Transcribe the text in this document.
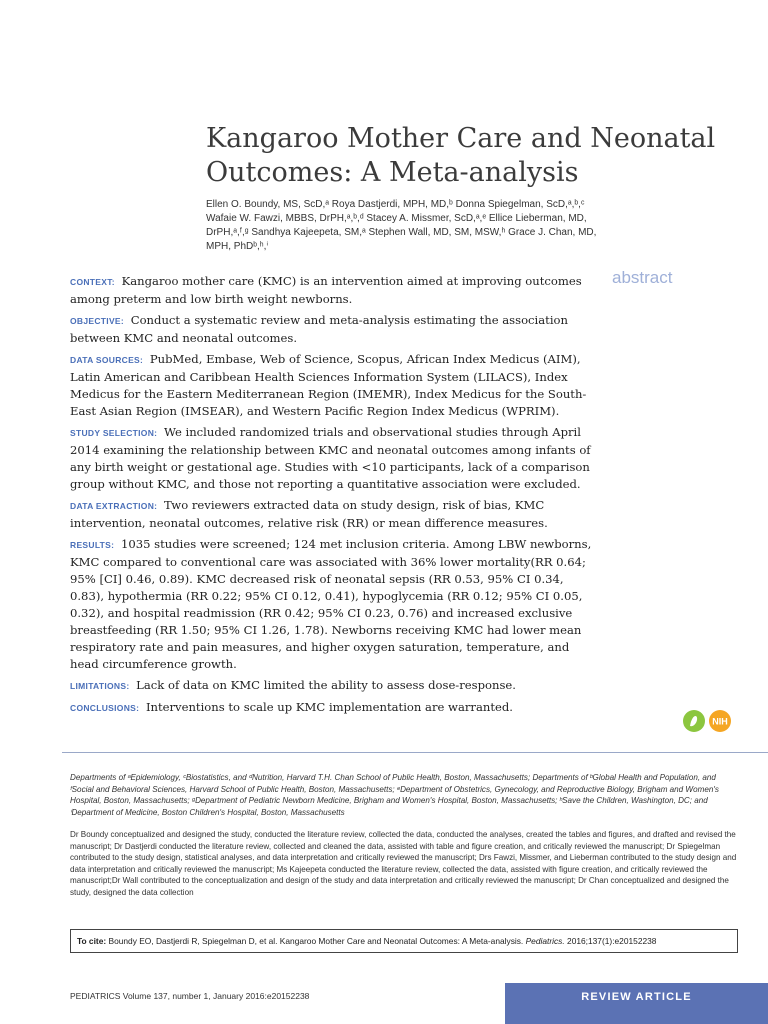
Kangaroo Mother Care and Neonatal Outcomes: A Meta-analysis
Ellen O. Boundy, MS, ScD,ᵃ Roya Dastjerdi, MPH, MD,ᵇ Donna Spiegelman, ScD,ᵃ,ᵇ,ᶜ Wafaie W. Fawzi, MBBS, DrPH,ᵃ,ᵇ,ᵈ Stacey A. Missmer, ScD,ᵃ,ᵉ Ellice Lieberman, MD, DrPH,ᵃ,ᶠ,ᵍ Sandhya Kajeepeta, SM,ᵃ Stephen Wall, MD, SM, MSW,ʰ Grace J. Chan, MD, MPH, PhDᵇ,ʰ,ⁱ
abstract
CONTEXT: Kangaroo mother care (KMC) is an intervention aimed at improving outcomes among preterm and low birth weight newborns.
OBJECTIVE: Conduct a systematic review and meta-analysis estimating the association between KMC and neonatal outcomes.
DATA SOURCES: PubMed, Embase, Web of Science, Scopus, African Index Medicus (AIM), Latin American and Caribbean Health Sciences Information System (LILACS), Index Medicus for the Eastern Mediterranean Region (IMEMR), Index Medicus for the South-East Asian Region (IMSEAR), and Western Pacific Region Index Medicus (WPRIM).
STUDY SELECTION: We included randomized trials and observational studies through April 2014 examining the relationship between KMC and neonatal outcomes among infants of any birth weight or gestational age. Studies with <10 participants, lack of a comparison group without KMC, and those not reporting a quantitative association were excluded.
DATA EXTRACTION: Two reviewers extracted data on study design, risk of bias, KMC intervention, neonatal outcomes, relative risk (RR) or mean difference measures.
RESULTS: 1035 studies were screened; 124 met inclusion criteria. Among LBW newborns, KMC compared to conventional care was associated with 36% lower mortality(RR 0.64; 95% [CI] 0.46, 0.89). KMC decreased risk of neonatal sepsis (RR 0.53, 95% CI 0.34, 0.83), hypothermia (RR 0.22; 95% CI 0.12, 0.41), hypoglycemia (RR 0.12; 95% CI 0.05, 0.32), and hospital readmission (RR 0.42; 95% CI 0.23, 0.76) and increased exclusive breastfeeding (RR 1.50; 95% CI 1.26, 1.78). Newborns receiving KMC had lower mean respiratory rate and pain measures, and higher oxygen saturation, temperature, and head circumference growth.
LIMITATIONS: Lack of data on KMC limited the ability to assess dose-response.
CONCLUSIONS: Interventions to scale up KMC implementation are warranted.
NIH
Departments of ᵃEpidemiology, ᶜBiostatistics, and ᵈNutrition, Harvard T.H. Chan School of Public Health, Boston, Massachusetts; Departments of ᵇGlobal Health and Population, and ᶠSocial and Behavioral Sciences, Harvard School of Public Health, Boston, Massachusetts; ᵉDepartment of Obstetrics, Gynecology, and Reproductive Biology, Brigham and Women's Hospital, Boston, Massachusetts; ᵍDepartment of Pediatric Newborn Medicine, Brigham and Women's Hospital, Boston, Massachusetts; ʰSave the Children, Washington, DC; and ⁱDepartment of Medicine, Boston Children's Hospital, Boston, Massachusetts
Dr Boundy conceptualized and designed the study, conducted the literature review, collected the data, conducted the analyses, created the tables and figures, and drafted and revised the manuscript; Dr Dastjerdi conducted the literature review, collected and cleaned the data, assisted with table and figure creation, and critically reviewed the manuscript; Dr Spiegelman contributed to the study design, statistical analyses, and data interpretation and critically reviewed the manuscript; Drs Fawzi, Missmer, and Lieberman contributed to the study design and data interpretation and critically reviewed the manuscript; Ms Kajeepeta conducted the literature review, collected the data, assisted with figure creation, and critically reviewed the manuscript;Dr Wall contributed to the conceptualization and design of the study and data interpretation and critically reviewed the manuscript; Dr Chan conceptualized and designed the study, designed the data collection
To cite: Boundy EO, Dastjerdi R, Spiegelman D, et al. Kangaroo Mother Care and Neonatal Outcomes: A Meta-analysis. Pediatrics. 2016;137(1):e20152238
PEDIATRICS Volume 137, number 1, January 2016:e20152238	REVIEW ARTICLE
